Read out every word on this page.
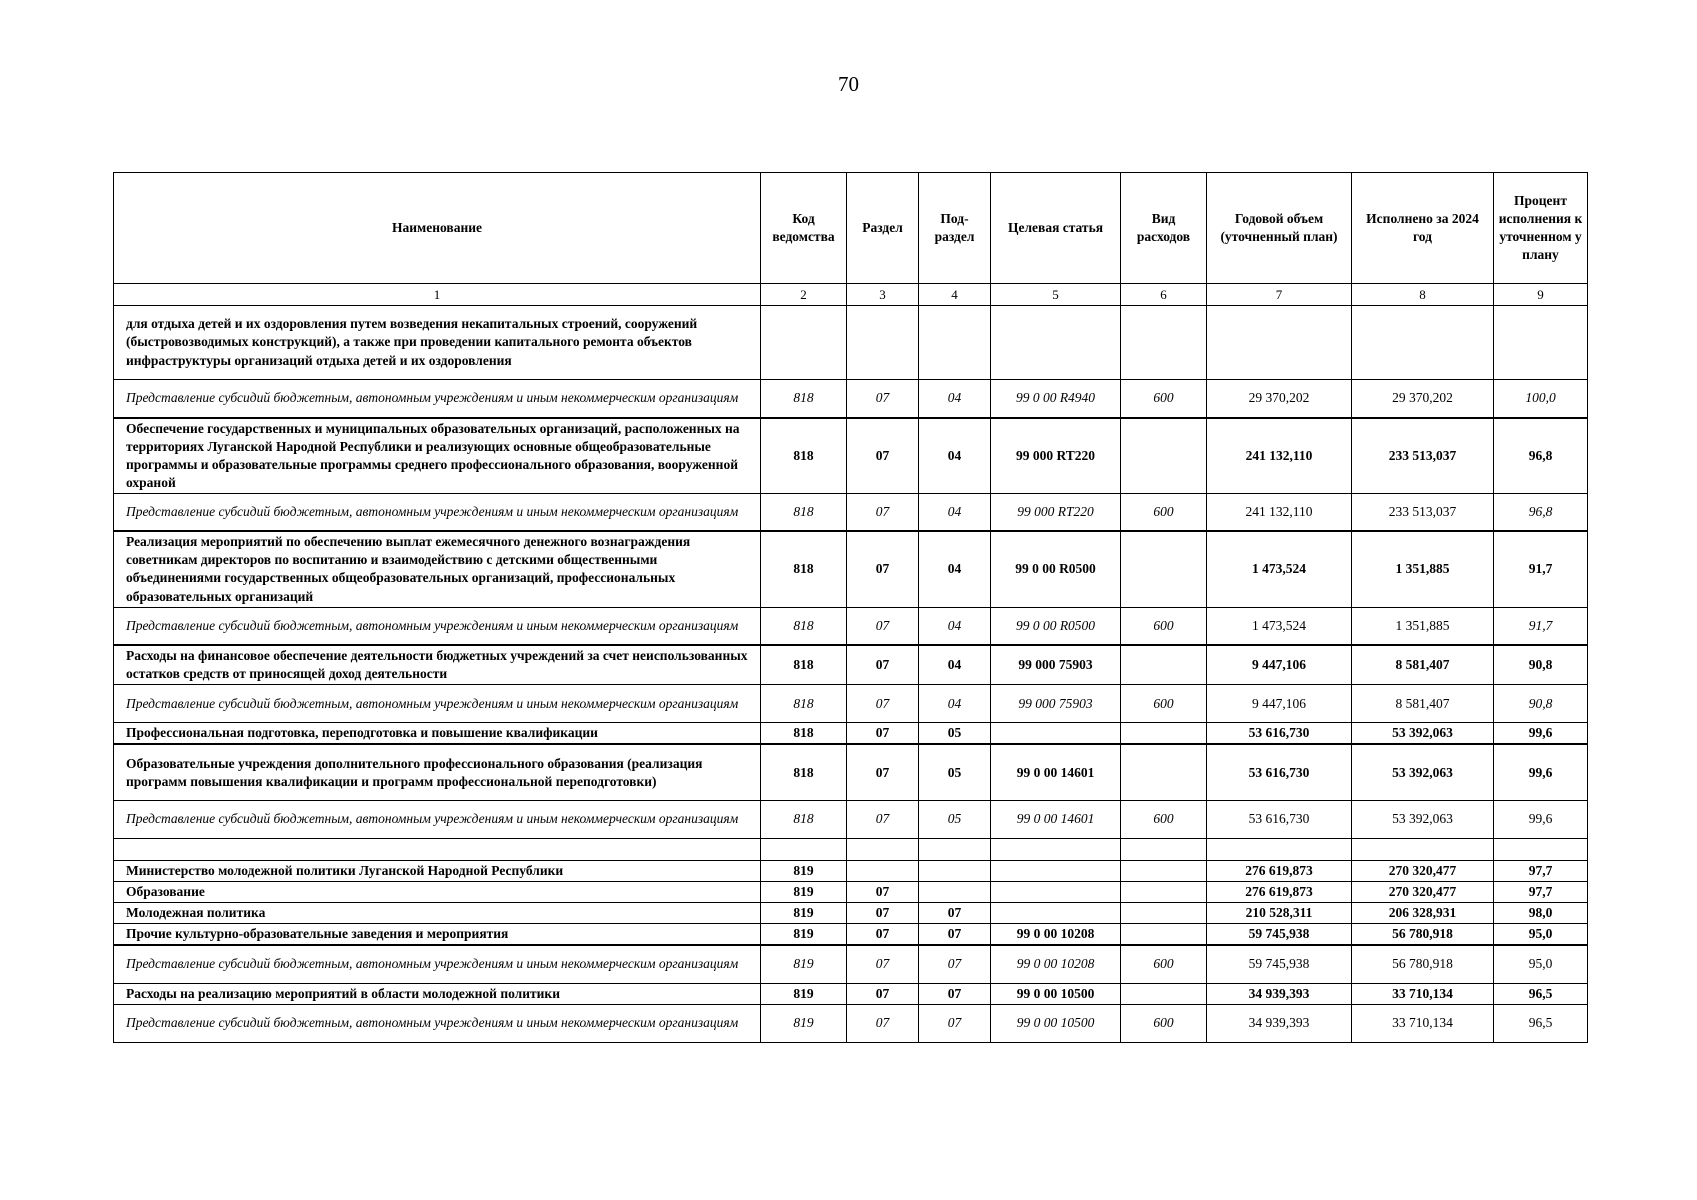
70
Наименование	Код ведомства	Раздел	Под-раздел	Целевая статья	Вид расходов	Годовой объем (уточненный план)	Исполнено за 2024 год	Процент исполнения к уточненном у плану
1	2	3	4	5	6	7	8	9
для отдыха детей и их оздоровления путем возведения некапитальных строений, сооружений (быстровозводимых конструкций), а также при проведении капитального ремонта объектов инфраструктуры организаций отдыха детей и их оздоровления								
Представление субсидий бюджетным, автономным учреждениям и иным некоммерческим организациям	818	07	04	99 0 00 R4940	600	29 370,202	29 370,202	100,0
Обеспечение государственных и муниципальных образовательных организаций, расположенных на территориях Луганской Народной Республики и реализующих основные общеобразовательные программы и образовательные программы среднего профессионального образования, вооруженной охраной	818	07	04	99 000 RT220		241 132,110	233 513,037	96,8
Представление субсидий бюджетным, автономным учреждениям и иным некоммерческим организациям	818	07	04	99 000 RT220	600	241 132,110	233 513,037	96,8
Реализация мероприятий по обеспечению выплат ежемесячного денежного вознаграждения советникам директоров по воспитанию и взаимодействию с детскими общественными объединениями государственных общеобразовательных организаций, профессиональных образовательных организаций	818	07	04	99 0 00 R0500		1 473,524	1 351,885	91,7
Представление субсидий бюджетным, автономным учреждениям и иным некоммерческим организациям	818	07	04	99 0 00 R0500	600	1 473,524	1 351,885	91,7
Расходы на финансовое обеспечение деятельности бюджетных учреждений за счет неиспользованных остатков средств от приносящей доход деятельности	818	07	04	99 000 75903		9 447,106	8 581,407	90,8
Представление субсидий бюджетным, автономным учреждениям и иным некоммерческим организациям	818	07	04	99 000 75903	600	9 447,106	8 581,407	90,8
Профессиональная подготовка, переподготовка и повышение квалификации	818	07	05			53 616,730	53 392,063	99,6
Образовательные учреждения дополнительного профессионального образования (реализация программ повышения квалификации и программ профессиональной переподготовки)	818	07	05	99 0 00 14601		53 616,730	53 392,063	99,6
Представление субсидий бюджетным, автономным учреждениям и иным некоммерческим организациям	818	07	05	99 0 00 14601	600	53 616,730	53 392,063	99,6

Министерство молодежной политики Луганской Народной Республики	819					276 619,873	270 320,477	97,7
Образование	819	07				276 619,873	270 320,477	97,7
Молодежная политика	819	07	07			210 528,311	206 328,931	98,0
Прочие культурно-образовательные заведения и мероприятия	819	07	07	99 0 00 10208		59 745,938	56 780,918	95,0
Представление субсидий бюджетным, автономным учреждениям и иным некоммерческим организациям	819	07	07	99 0 00 10208	600	59 745,938	56 780,918	95,0
Расходы на реализацию мероприятий в области молодежной политики	819	07	07	99 0 00 10500		34 939,393	33 710,134	96,5
Представление субсидий бюджетным, автономным учреждениям и иным некоммерческим организациям	819	07	07	99 0 00 10500	600	34 939,393	33 710,134	96,5
